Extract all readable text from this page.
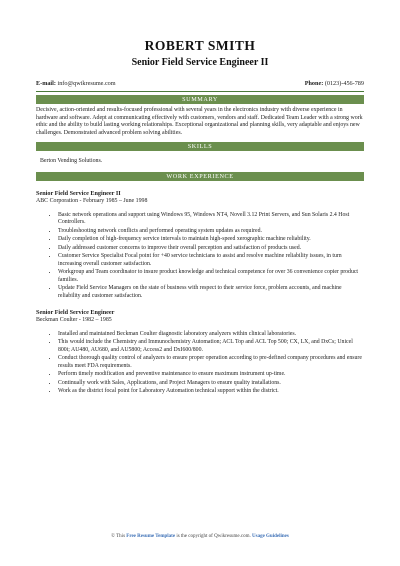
ROBERT SMITH
Senior Field Service Engineer II
E-mail: info@qwikresume.com	Phone: (0123)-456-789
SUMMARY

Decisive, action-oriented and results-focused professional with several years in the electronics industry with diverse experience in hardware and software. Adept at communicating effectively with customers, vendors and staff. Dedicated Team Leader with a strong work ethic and the ability to build lasting working relationships. Exceptional organizational and planning skills, very adaptable and enjoys new challenges. Demonstrated advanced problem solving abilities.

SKILLS
Berton Vending Solutions.
WORK EXPERIENCE
Senior Field Service Engineer II
ABC Corporation - February 1985 – June 1998
• Basic network operations and support using Windows 95, Windows NT4, Novell 3.12 Print Servers, and Sun Solaris 2.4 Host Controllers.
• Troubleshooting network conflicts and performed operating system updates as required.
• Daily completion of high-frequency service intervals to maintain high-speed xerographic machine reliability.
• Daily addressed customer concerns to improve their overall perception and satisfaction of products used.
• Customer Service Specialist Focal point for +40 service technicians to assist and resolve machine reliability issues, in turn increasing overall customer satisfaction.
• Workgroup and Team coordinator to insure product knowledge and technical competence for over 36 convenience copier product families.
• Update Field Service Managers on the state of business with respect to their service force, problem accounts, and machine reliability and customer satisfaction.
Senior Field Service Engineer
Beckman Coulter - 1982 – 1985
• Installed and maintained Beckman Coulter diagnostic laboratory analyzers within clinical laboratories.
• This would include the Chemistry and Immunochemistry Automation; ACL Top and ACL Top 500; CX, LX, and DxCs; Unicel 800i; AU480, AU680, and AU5800; Access2 and DxI600/800.
• Conduct thorough quality control of analyzers to ensure proper operation according to pre-defined company procedures and ensure results meet FDA requirements.
• Perform timely modification and preventive maintenance to ensure maximum instrument up-time.
• Continually work with Sales, Applications, and Project Managers to ensure quality installations.
• Work as the district focal point for Laboratory Automation technical support within the district.
© This Free Resume Template is the copyright of Qwikresume.com. Usage Guidelines
